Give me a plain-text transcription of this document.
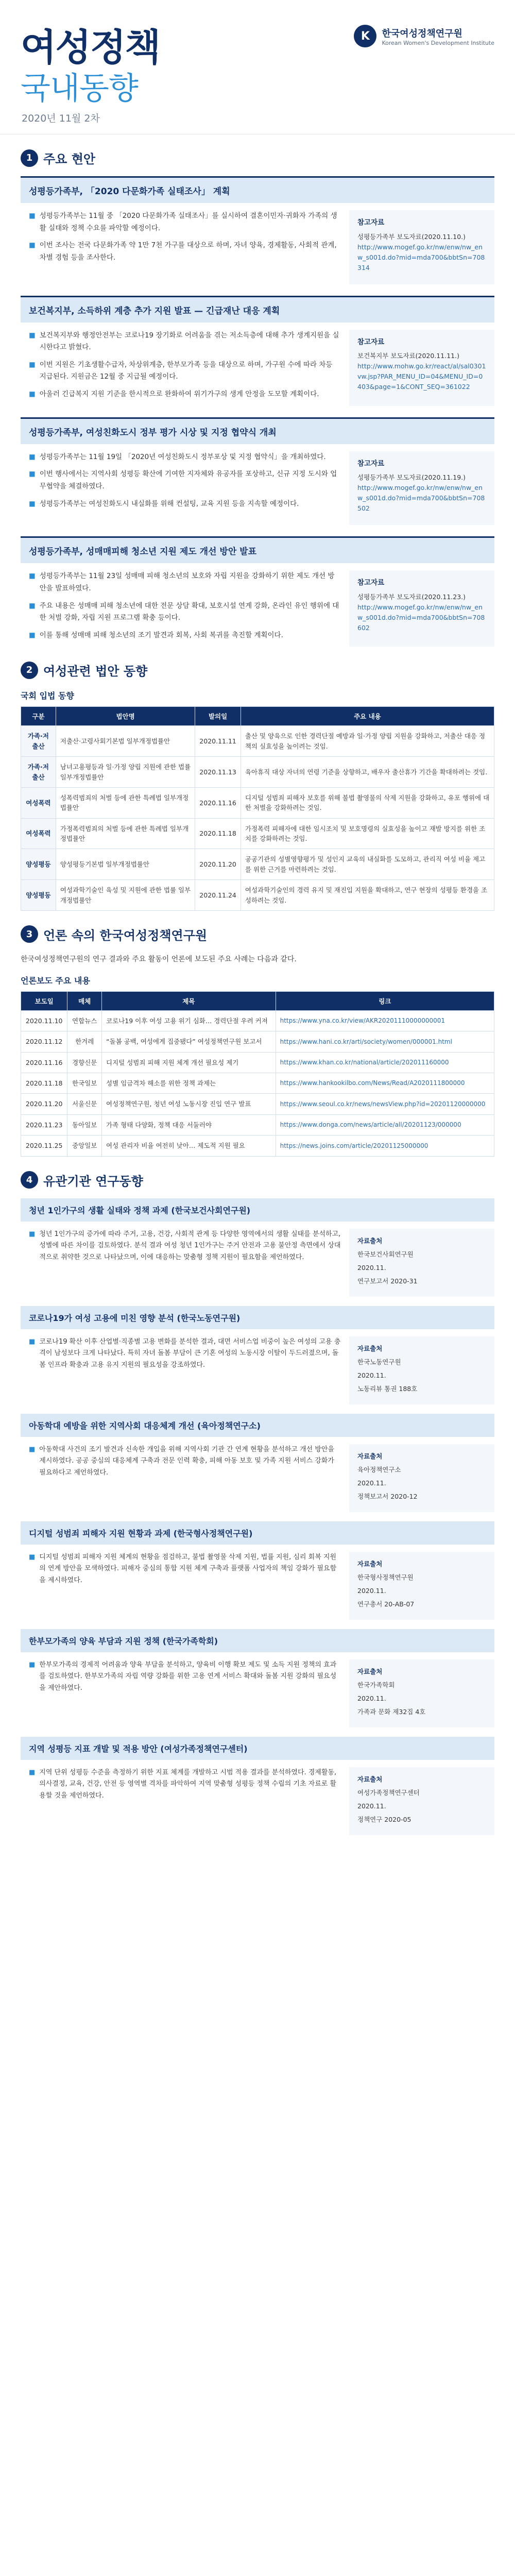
여성정책
국내동향
2020년 11월 2차
K	한국여성정책연구원
Korean Women's Development Institute
1 주요 현안
성평등가족부, 「2020 다문화가족 실태조사」 계획

■ 성평등가족부는 11월 중 「2020 다문화가족 실태조사」를 실시하여 결혼이민자·귀화자 가족의 생활 실태와 정책 수요를 파악할 예정이다.

■ 이번 조사는 전국 다문화가족 약 1만 7천 가구를 대상으로 하며, 자녀 양육, 경제활동, 사회적 관계, 차별 경험 등을 조사한다.

참고자료
성평등가족부 보도자료(2020.11.10.)
http://www.mogef.go.kr/nw/enw/nw_enw_s001d.do?mid=mda700&bbtSn=708314
보건복지부, 소득하위 계층 추가 지원 발표 — 긴급재난 대응 계획

■ 보건복지부와 행정안전부는 코로나19 장기화로 어려움을 겪는 저소득층에 대해 추가 생계지원을 실시한다고 밝혔다.

■ 이번 지원은 기초생활수급자, 차상위계층, 한부모가족 등을 대상으로 하며, 가구원 수에 따라 차등 지급된다. 지원금은 12월 중 지급될 예정이다.

■ 아울러 긴급복지 지원 기준을 한시적으로 완화하여 위기가구의 생계 안정을 도모할 계획이다.

참고자료
보건복지부 보도자료(2020.11.11.)
http://www.mohw.go.kr/react/al/sal0301vw.jsp?PAR_MENU_ID=04&MENU_ID=0403&page=1&CONT_SEQ=361022
성평등가족부, 여성친화도시 정부 평가 시상 및 지정 협약식 개최

■ 성평등가족부는 11월 19일 「2020년 여성친화도시 정부포상 및 지정 협약식」을 개최하였다.

■ 이번 행사에서는 지역사회 성평등 확산에 기여한 지자체와 유공자를 포상하고, 신규 지정 도시와 업무협약을 체결하였다.

■ 성평등가족부는 여성친화도시 내실화를 위해 컨설팅, 교육 지원 등을 지속할 예정이다.

참고자료
성평등가족부 보도자료(2020.11.19.)
http://www.mogef.go.kr/nw/enw/nw_enw_s001d.do?mid=mda700&bbtSn=708502
성평등가족부, 성매매피해 청소년 지원 제도 개선 방안 발표

■ 성평등가족부는 11월 23일 성매매 피해 청소년의 보호와 자립 지원을 강화하기 위한 제도 개선 방안을 발표하였다.

■ 주요 내용은 성매매 피해 청소년에 대한 전문 상담 확대, 보호시설 연계 강화, 온라인 유인 행위에 대한 처벌 강화, 자립 지원 프로그램 확충 등이다.

■ 이를 통해 성매매 피해 청소년의 조기 발견과 회복, 사회 복귀를 촉진할 계획이다.

참고자료
성평등가족부 보도자료(2020.11.23.)
http://www.mogef.go.kr/nw/enw/nw_enw_s001d.do?mid=mda700&bbtSn=708602
2 여성관련 법안 동향
국회 입법 동향
구분	법안명	발의일	주요 내용
가족·저출산	저출산·고령사회기본법 일부개정법률안	2020.11.11	출산 및 양육으로 인한 경력단절 예방과 일·가정 양립 지원을 강화하고, 저출산 대응 정책의 실효성을 높이려는 것임.
가족·저출산	남녀고용평등과 일·가정 양립 지원에 관한 법률 일부개정법률안	2020.11.13	육아휴직 대상 자녀의 연령 기준을 상향하고, 배우자 출산휴가 기간을 확대하려는 것임.
여성폭력	성폭력범죄의 처벌 등에 관한 특례법 일부개정법률안	2020.11.16	디지털 성범죄 피해자 보호를 위해 불법 촬영물의 삭제 지원을 강화하고, 유포 행위에 대한 처벌을 강화하려는 것임.
여성폭력	가정폭력범죄의 처벌 등에 관한 특례법 일부개정법률안	2020.11.18	가정폭력 피해자에 대한 임시조치 및 보호명령의 실효성을 높이고 재발 방지를 위한 조치를 강화하려는 것임.
양성평등	양성평등기본법 일부개정법률안	2020.11.20	공공기관의 성별영향평가 및 성인지 교육의 내실화를 도모하고, 관리직 여성 비율 제고를 위한 근거를 마련하려는 것임.
양성평등	여성과학기술인 육성 및 지원에 관한 법률 일부개정법률안	2020.11.24	여성과학기술인의 경력 유지 및 재진입 지원을 확대하고, 연구 현장의 성평등 환경을 조성하려는 것임.
3 언론 속의 한국여성정책연구원
한국여성정책연구원의 연구 결과와 주요 활동이 언론에 보도된 주요 사례는 다음과 같다.
언론보도 주요 내용
보도일	매체	제목	링크
2020.11.10	연합뉴스	코로나19 이후 여성 고용 위기 심화… 경력단절 우려 커져	https://www.yna.co.kr/view/AKR20201110000000001
2020.11.12	한겨레	“돌봄 공백, 여성에게 집중됐다” 여성정책연구원 보고서	https://www.hani.co.kr/arti/society/women/000001.html
2020.11.16	경향신문	디지털 성범죄 피해 지원 체계 개선 필요성 제기	https://www.khan.co.kr/national/article/202011160000
2020.11.18	한국일보	성별 임금격차 해소를 위한 정책 과제는	https://www.hankookilbo.com/News/Read/A2020111800000
2020.11.20	서울신문	여성정책연구원, 청년 여성 노동시장 진입 연구 발표	https://www.seoul.co.kr/news/newsView.php?id=20201120000000
2020.11.23	동아일보	가족 형태 다양화, 정책 대응 서둘러야	https://www.donga.com/news/article/all/20201123/000000
2020.11.25	중앙일보	여성 관리자 비율 여전히 낮아… 제도적 지원 필요	https://news.joins.com/article/20201125000000
4 유관기관 연구동향
청년 1인가구의 생활 실태와 정책 과제 (한국보건사회연구원)
■ 청년 1인가구의 증가에 따라 주거, 고용, 건강, 사회적 관계 등 다양한 영역에서의 생활 실태를 분석하고, 성별에 따른 차이를 검토하였다. 분석 결과 여성 청년 1인가구는 주거 안전과 고용 불안정 측면에서 상대적으로 취약한 것으로 나타났으며, 이에 대응하는 맞춤형 정책 지원이 필요함을 제언하였다.
자료출처
한국보건사회연구원
2020.11.
연구보고서 2020-31
코로나19가 여성 고용에 미친 영향 분석 (한국노동연구원)
■ 코로나19 확산 이후 산업별·직종별 고용 변화를 분석한 결과, 대면 서비스업 비중이 높은 여성의 고용 충격이 남성보다 크게 나타났다. 특히 자녀 돌봄 부담이 큰 기혼 여성의 노동시장 이탈이 두드러졌으며, 돌봄 인프라 확충과 고용 유지 지원의 필요성을 강조하였다.
자료출처
한국노동연구원
2020.11.
노동리뷰 통권 188호
아동학대 예방을 위한 지역사회 대응체계 개선 (육아정책연구소)
■ 아동학대 사건의 조기 발견과 신속한 개입을 위해 지역사회 기관 간 연계 현황을 분석하고 개선 방안을 제시하였다. 공공 중심의 대응체계 구축과 전문 인력 확충, 피해 아동 보호 및 가족 지원 서비스 강화가 필요하다고 제언하였다.
자료출처
육아정책연구소
2020.11.
정책보고서 2020-12
디지털 성범죄 피해자 지원 현황과 과제 (한국형사정책연구원)
■ 디지털 성범죄 피해자 지원 체계의 현황을 점검하고, 불법 촬영물 삭제 지원, 법률 지원, 심리 회복 지원의 연계 방안을 모색하였다. 피해자 중심의 통합 지원 체계 구축과 플랫폼 사업자의 책임 강화가 필요함을 제시하였다.
자료출처
한국형사정책연구원
2020.11.
연구총서 20-AB-07
한부모가족의 양육 부담과 지원 정책 (한국가족학회)
■ 한부모가족의 경제적 어려움과 양육 부담을 분석하고, 양육비 이행 확보 제도 및 소득 지원 정책의 효과를 검토하였다. 한부모가족의 자립 역량 강화를 위한 고용 연계 서비스 확대와 돌봄 지원 강화의 필요성을 제안하였다.
자료출처
한국가족학회
2020.11.
가족과 문화 제32집 4호
지역 성평등 지표 개발 및 적용 방안 (여성가족정책연구센터)
■ 지역 단위 성평등 수준을 측정하기 위한 지표 체계를 개발하고 시범 적용 결과를 분석하였다. 경제활동, 의사결정, 교육, 건강, 안전 등 영역별 격차를 파악하여 지역 맞춤형 성평등 정책 수립의 기초 자료로 활용할 것을 제언하였다.
자료출처
여성가족정책연구센터
2020.11.
정책연구 2020-05
